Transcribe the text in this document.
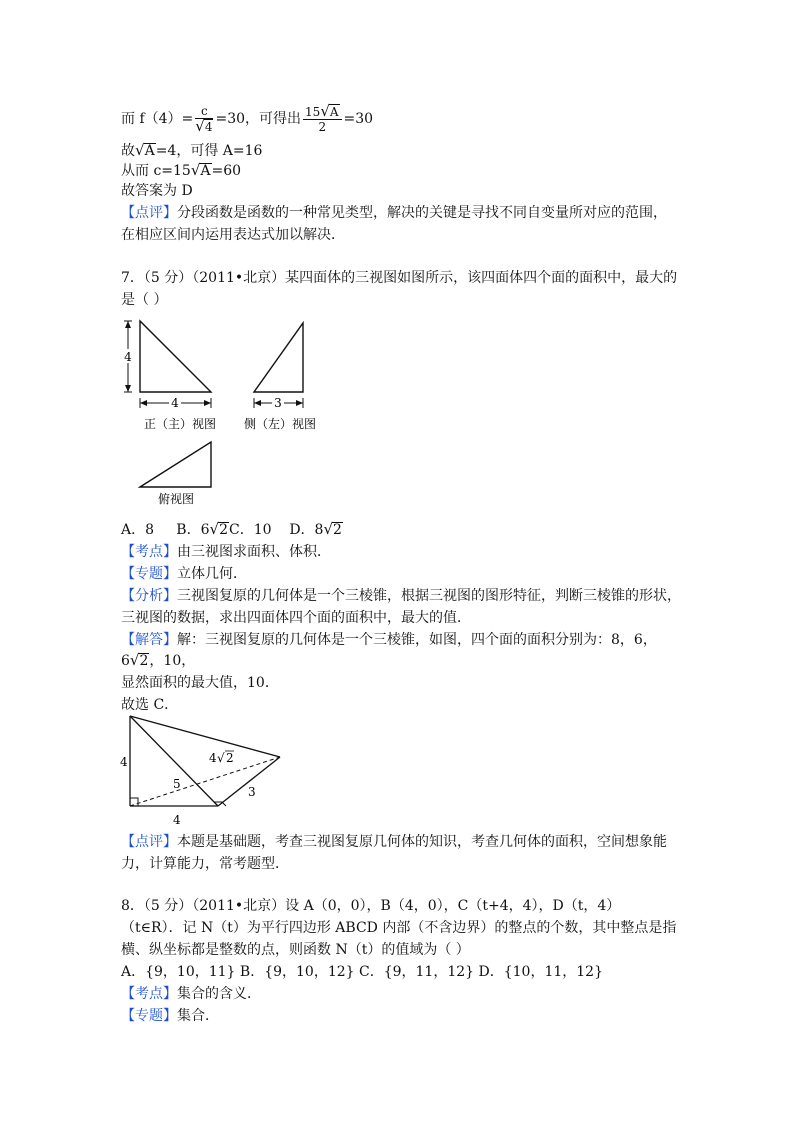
而 $f(4)= \frac{c}{√4} =30$，可得出 $\frac{15√A}{2} =30$
故√A=4，可得 A=16
从而 c=15√A=60
故答案为 D
【点评】分段函数是函数的一种常见类型，解决的关键是寻找不同自变量所对应的范围，
在相应区间内运用表达式加以解决．
7．（5 分）（2011•北京）某四面体的三视图如图所示，该四面体四个面的面积中，最大的
是（ ）
4
4
正（主）视图
3
侧（左）视图
俯视图
A．8 B．6√2C．10 D．8√2
【考点】由三视图求面积、体积．
【专题】立体几何．
【分析】三视图复原的几何体是一个三棱锥，根据三视图的图形特征，判断三棱锥的形状，
三视图的数据，求出四面体四个面的面积中，最大的值．
【解答】解：三视图复原的几何体是一个三棱锥，如图，四个面的面积分别为：8，6，
6√2，10，
显然面积的最大值，10．
故选 C．
4	4 √ 2
5
3
4
【点评】本题是基础题，考查三视图复原几何体的知识，考查几何体的面积，空间想象能
力，计算能力，常考题型．
8．（5 分）（2011•北京）设 A（0，0），B（4，0），C（t+4，4），D（t，4）
（t∈R）．记 N（t）为平行四边形 ABCD 内部（不含边界）的整点的个数，其中整点是指
横、纵坐标都是整数的点，则函数 N（t）的值域为（ ）
A．{9，10，11} B．{9，10，12} C．{9，11，12} D．{10，11，12}
【考点】集合的含义．
【专题】集合．
